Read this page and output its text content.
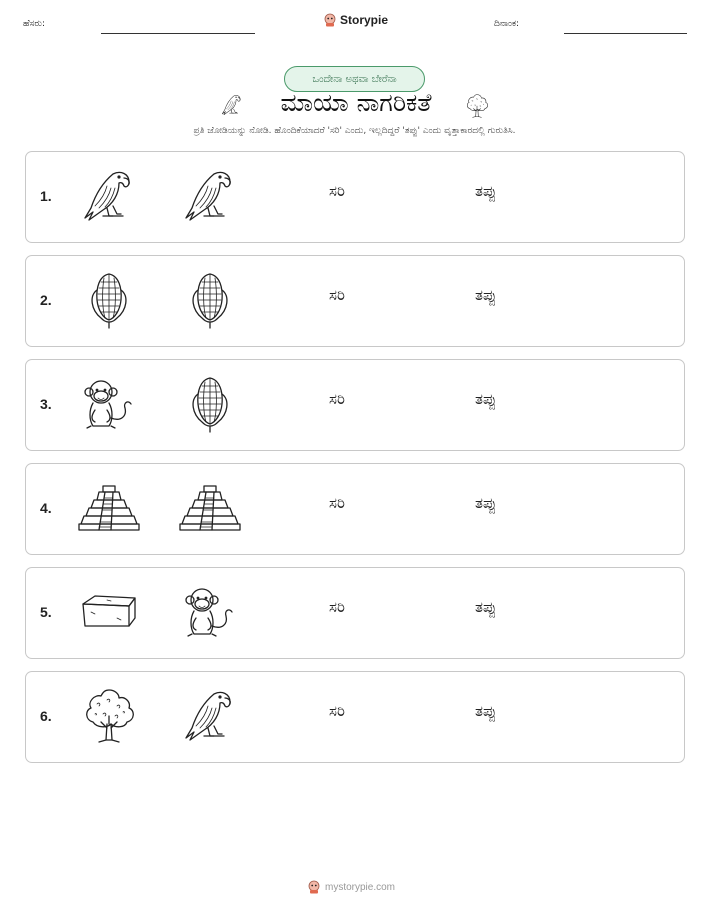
ಹೆಸರು:	Storypie	ದಿನಾಂಕ:
ಒಂದೇನಾ ಅಥವಾ ಬೇರೆನಾ
ಮಾಯಾ ನಾಗರಿಕತೆ

ಪ್ರತಿ ಜೋಡಿಯನ್ನು ನೋಡಿ. ಹೊಂದಿಕೆಯಾದರೆ 'ಸರಿ' ಎಂದು, ಇಲ್ಲದಿದ್ದರೆ 'ತಪ್ಪು' ಎಂದು ವೃತ್ತಾಕಾರದಲ್ಲಿ ಗುರುತಿಸಿ.

1.	ಸರಿ	ತಪ್ಪು
2.	ಸರಿ	ತಪ್ಪು
3.	ಸರಿ	ತಪ್ಪು
4.	ಸರಿ	ತಪ್ಪು
5.	ಸರಿ	ತಪ್ಪು
6.	ಸರಿ	ತಪ್ಪು
mystorypie.com
